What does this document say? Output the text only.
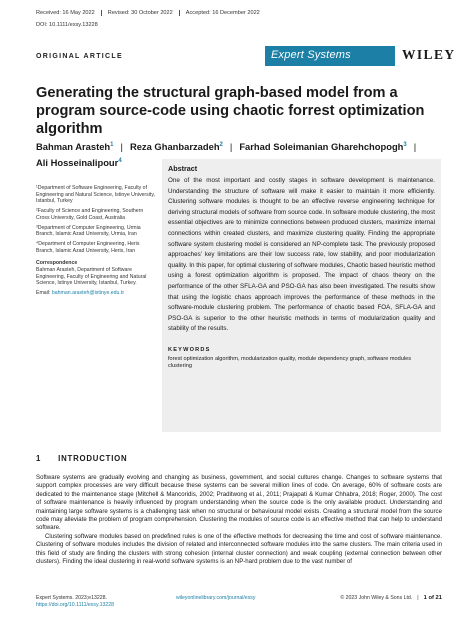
Received: 16 May 2022	Revised: 30 October 2022	Accepted: 16 December 2022
DOI: 10.1111/exsy.13228
ORIGINAL ARTICLE	Expert Systems	WILEY
Generating the structural graph-based model from a program source-code using chaotic forrest optimization algorithm
Bahman Arasteh$^1$ | Reza Ghanbarzadeh$^2$ | Farhad Soleimanian Gharehchopogh$^3$ |
Ali Hosseinalipour$^4$

¹Department of Software Engineering, Faculty of Engineering and Natural Science, Istinye University, Istanbul, Turkey

²Faculty of Science and Engineering, Southern Cross University, Gold Coast, Australia

³Department of Computer Engineering, Urmia Branch, Islamic Azad University, Urmia, Iran

⁴Department of Computer Engineering, Heris Branch, Islamic Azad University, Heris, Iran

Correspondence

Bahman Arasteh, Department of Software Engineering, Faculty of Engineering and Natural Science, Istinye University, Istanbul, Turkey.

Email: bahman.arasteh@istinye.edu.tr

Abstract
One of the most important and costly stages in software development is maintenance. Understanding the structure of software will make it easier to maintain it more efficiently. Clustering software modules is thought to be an effective reverse engineering technique for deriving structural models of software from source code. In software module clustering, the most essential objectives are to minimize connections between produced clusters, maximize internal connections within created clusters, and maximize clustering quality. Finding the appropriate software system clustering model is considered an NP-complete task. The previously proposed approaches' key limitations are their low success rate, low stability, and poor modularization quality. In this paper, for optimal clustering of software modules, Chaotic based heuristic method using a forest optimization algorithm is proposed. The impact of chaos theory on the performance of the other SFLA-GA and PSO-GA has also been investigated. The results show that using the logistic chaos approach improves the performance of these methods in the software-module clustering problem. The performance of chaotic based FOA, SFLA-GA and PSO-GA is superior to the other heuristic methods in terms of modularization quality and stability of the results.
KEYWORDS
forest optimization algorithm, modularization quality, module dependency graph, software modules clustering
1 INTRODUCTION

Software systems are gradually evolving and changing as business, government, and social cultures change. Changes to software systems that support complex processes are very difficult because these systems can be several million lines of code. On average, 60% of software costs are dedicated to the maintenance stage (Mitchell & Mancoridis, 2002; Praditwong et al., 2011; Prajapati & Kumar Chhabra, 2018; Roger, 2000). The cost of software maintenance is heavily influenced by program understanding when the source code is the only available product. Understanding and maintaining large software systems is a challenging task when no structural or behavioural model exists. Creating a structural model from the source code may alleviate the problem of program comprehension. Clustering the modules of source code is an effective method that can help to understand software.

Clustering software modules based on predefined rules is one of the effective methods for decreasing the time and cost of software maintenance. Clustering of software modules includes the division of related and interconnected software modules into the same clusters. The main criteria used in this field of study are finding the clusters with strong cohesion (internal cluster connection) and weak coupling (external connection between other clusters). Finding the ideal clustering in real-world software systems is an NP-hard problem due to the vast number of

Expert Systems. 2023;e13228.
https://doi.org/10.1111/exsy.13228
wileyonlinelibrary.com/journal/exsy	© 2023 John Wiley & Sons Ltd. | 1 of 21
